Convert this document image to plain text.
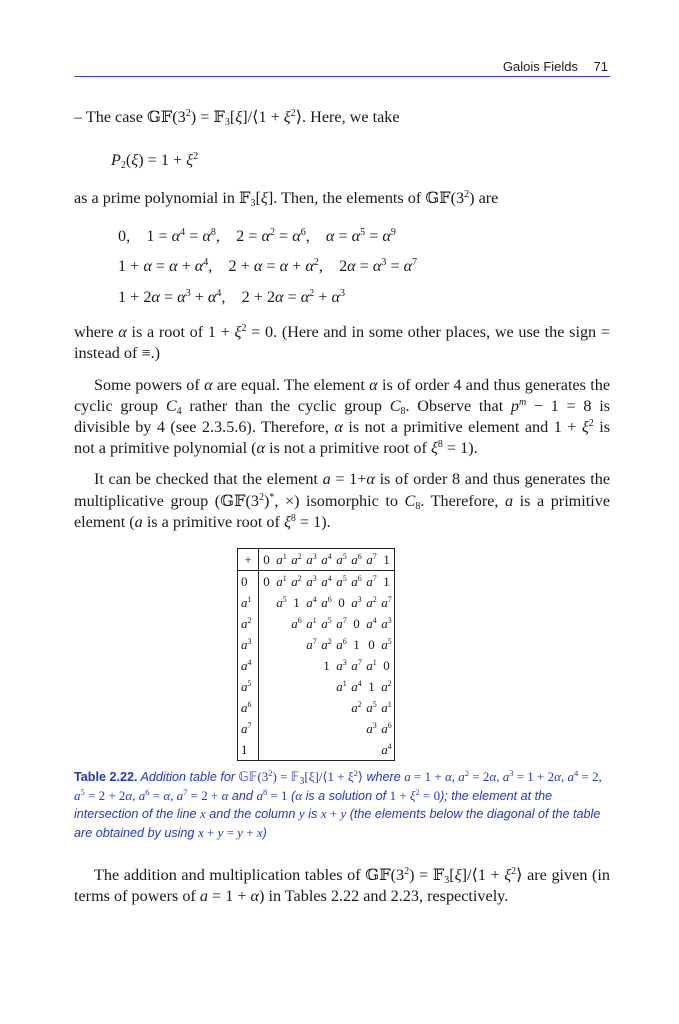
Galois Fields 71
– The case $𝔾𝔽(3^2)$ = 𝔽$_3$[ξ]/⟨1 + $\xi^2⟩$. Here, we take
$P_2(\xi) = 1 + \xi^2$
as a prime polynomial in 𝔽$_3$[ξ]. Then, the elements of $𝔾𝔽(3^2)$ are
0,    $1 = \alpha^4 = \alpha^8$,    $2 = \alpha^2 = \alpha^6$,    $\alpha = \alpha^5 = \alpha^9$
$1 + \alpha = \alpha + \alpha^4$,    $2 + \alpha = \alpha + \alpha^2$,    $2\alpha = \alpha^3 = \alpha^7$
$1 + 2\alpha = \alpha^3 + \alpha^4$,    $2 + 2\alpha = \alpha^2 + \alpha^3$
where α is a root of $1 + \xi^2 = 0$. (Here and in some other places, we use the sign = instead of ≡.)
Some powers of α are equal. The element α is of order 4 and thus generates the cyclic group $C_4$ rather than the cyclic group $C_8$. Observe that $p^m - 1 = 8$ is divisible by 4 (see 2.3.5.6). Therefore, α is not a primitive element and $1 + \xi^2$ is not a primitive polynomial (α is not a primitive root of $\xi^8 = 1$).
It can be checked that the element a = 1+α is of order 8 and thus generates the multiplicative group ($𝔾𝔽(3^2)^*$, ×) isomorphic to $C_8$. Therefore, a is a primitive element (a is a primitive root of $\xi^8 = 1$).
+	0	$a^1$	$a^2$	$a^3$	$a^4$	$a^5$	$a^6$	$a^7$	1
0	0	$a^1$	$a^2$	$a^3$	$a^4$	$a^5$	$a^6$	$a^7$	1
$a^1$		$a^5$	1	$a^4$	$a^6$	0	$a^3$	$a^2$	$a^7$
$a^2$			$a^6$	$a^1$	$a^5$	$a^7$	0	$a^4$	$a^3$
$a^3$				$a^7$	$a^2$	$a^6$	1	0	$a^5$
$a^4$					1	$a^3$	$a^7$	$a^1$	0
$a^5$						$a^1$	$a^4$	1	$a^2$
$a^6$							$a^2$	$a^5$	$a^1$
$a^7$								$a^3$	$a^6$
1									$a^4$
Table 2.22. Addition table for $𝔾𝔽(3^2)$ = 𝔽$_3$[ξ]/⟨1 + $\xi^2⟩$ where a = 1 + α, $a^2 = 2\alpha$, $a^3 = 1 + 2\alpha$, $a^4 = 2$, $a^5 = 2 + 2\alpha$, $a^6 = \alpha$, $a^7 = 2 + \alpha$ and $a^8 = 1$ (α is a solution of $1 + \xi^2 = 0$); the element at the intersection of the line x and the column y is x + y (the elements below the diagonal of the table are obtained by using x + y = y + x)
The addition and multiplication tables of $𝔾𝔽(3^2)$ = 𝔽$_3$[ξ]/⟨1 + $\xi^2⟩$ are given (in terms of powers of a = 1 + α) in Tables 2.22 and 2.23, respectively.
